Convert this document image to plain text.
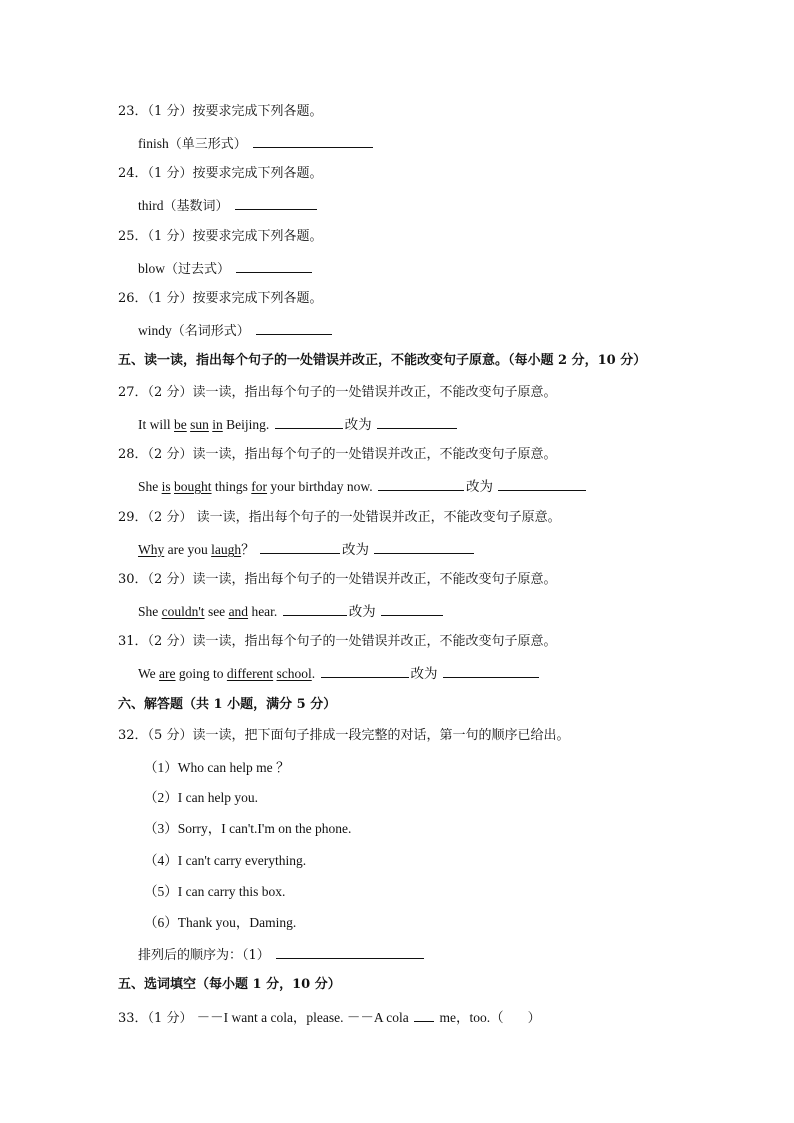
23．（1 分）按要求完成下列各题。
finish（单三形式）
24．（1 分）按要求完成下列各题。
third（基数词）
25．（1 分）按要求完成下列各题。
blow（过去式）
26．（1 分）按要求完成下列各题。
windy（名词形式）
五、读一读，指出每个句子的一处错误并改正，不能改变句子原意。（每小题 2 分，10 分）
27．（2 分）读一读，指出每个句子的一处错误并改正，不能改变句子原意。
It will be sun in Beijing.	改为
28．（2 分）读一读，指出每个句子的一处错误并改正，不能改变句子原意。
She is bought things for your birthday now.	改为
29．（2 分） 读一读，指出每个句子的一处错误并改正，不能改变句子原意。
Why are you laugh？	改为
30．（2 分）读一读，指出每个句子的一处错误并改正，不能改变句子原意。
She couldn't see and hear.	改为
31．（2 分）读一读，指出每个句子的一处错误并改正，不能改变句子原意。
We are going to different school.	改为
六、解答题（共 1 小题，满分 5 分）
32．（5 分）读一读，把下面句子排成一段完整的对话，第一句的顺序已给出。
（1）Who can help me ？
（2）I can help you.
（3）Sorry，I can't.I'm on the phone.
（4）I can't carry everything.
（5）I can carry this box.
（6）Thank you，Daming.
排列后的顺序为：（1）
五、选词填空（每小题 1 分，10 分）
33．（1 分） －－I want a cola，please. －－A cola  me，too.（ ）
